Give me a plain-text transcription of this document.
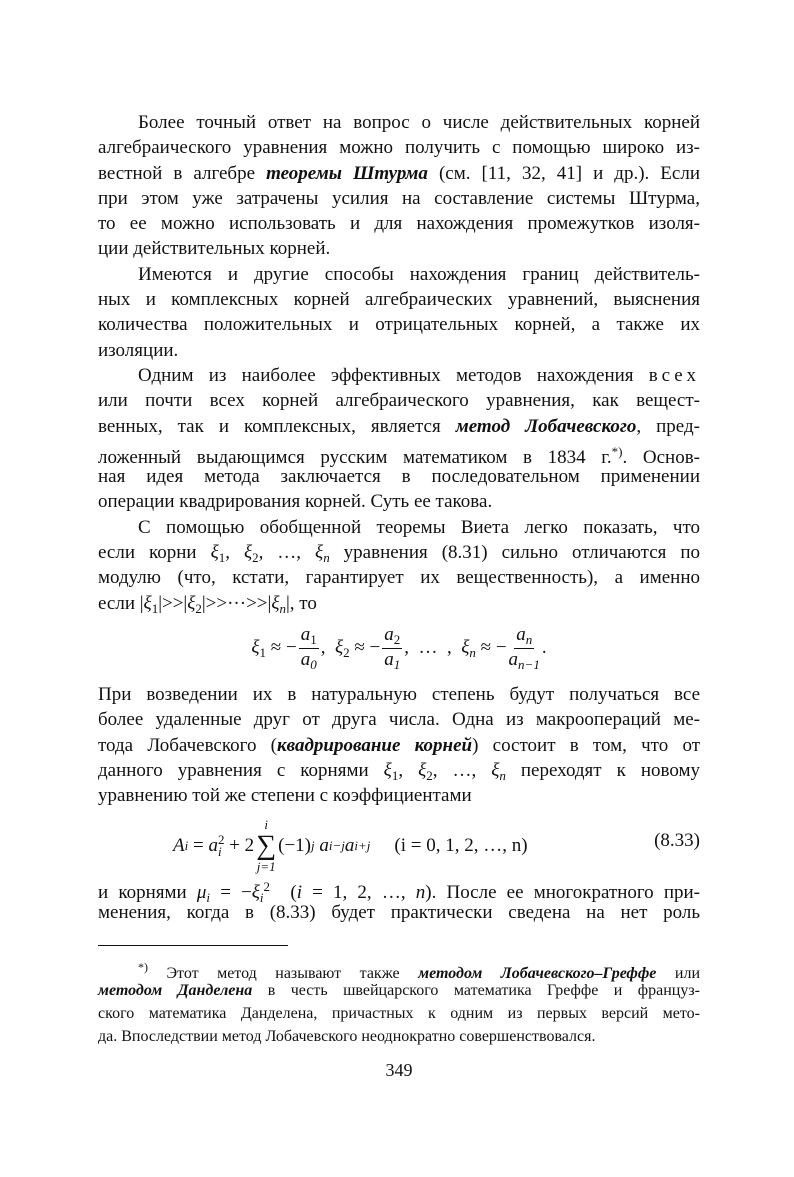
Более точный ответ на вопрос о числе действительных корней
алгебраического уравнения можно получить с помощью широко из-
вестной в алгебре теоремы Штурма (см. [11, 32, 41] и др.). Если
при этом уже затрачены усилия на составление системы Штурма,
то ее можно использовать и для нахождения промежутков изоля-
ции действительных корней.
Имеются и другие способы нахождения границ действитель-
ных и комплексных корней алгебраических уравнений, выяснения
количества положительных и отрицательных корней, а также их
изоляции.
Одним из наиболее эффективных методов нахождения всех
или почти всех корней алгебраического уравнения, как вещест-
венных, так и комплексных, является метод Лобачевского, пред-
ложенный выдающимся русским математиком в 1834 г.*). Основ-
ная идея метода заключается в последовательном применении
операции квадрирования корней. Суть ее такова.
С помощью обобщенной теоремы Виета легко показать, что
если корни $\xi_1$, $\xi_2$, …, $\xi_n$ уравнения (8.31) сильно отличаются по
модулю (что, кстати, гарантирует их вещественность), а именно
если $|\xi_1|>>|\xi_2|>>\cdot\cdot\cdot>>|\xi_n|$, то
$\xi_1$ ≈ − $\frac{a_1}{a_0}$ , $\xi_2$ ≈ − $\frac{a_2}{a_1}$ ,  …  , $\xi_n$ ≈ − $\frac{a_n}{a_{n-1}}$ .
При возведении их в натуральную степень будут получаться все
более удаленные друг от друга числа. Одна из макроопераций ме-
тода Лобачевского (квадрирование корней) состоит в том, что от
данного уравнения с корнями $\xi_1$, $\xi_2$, …, $\xi_n$ переходят к новому
уравнению той же степени с коэффициентами
A i = a 2
i + 2
i
∑
j=1
(−1) j a i−j a i+j (i = 0, 1, 2, …, n)	(8.33)
и корнями $\mu_i = -\xi_i^2$  (i = 1, 2, …, n). После ее многократного при-
менения, когда в (8.33) будет практически сведена на нет роль
*) Этот метод называют также методом Лобачевского–Греффе или
методом Данделена в честь швейцарского математика Греффе и француз-
ского математика Данделена, причастных к одним из первых версий мето-
да. Впоследствии метод Лобачевского неоднократно совершенствовался.
349
